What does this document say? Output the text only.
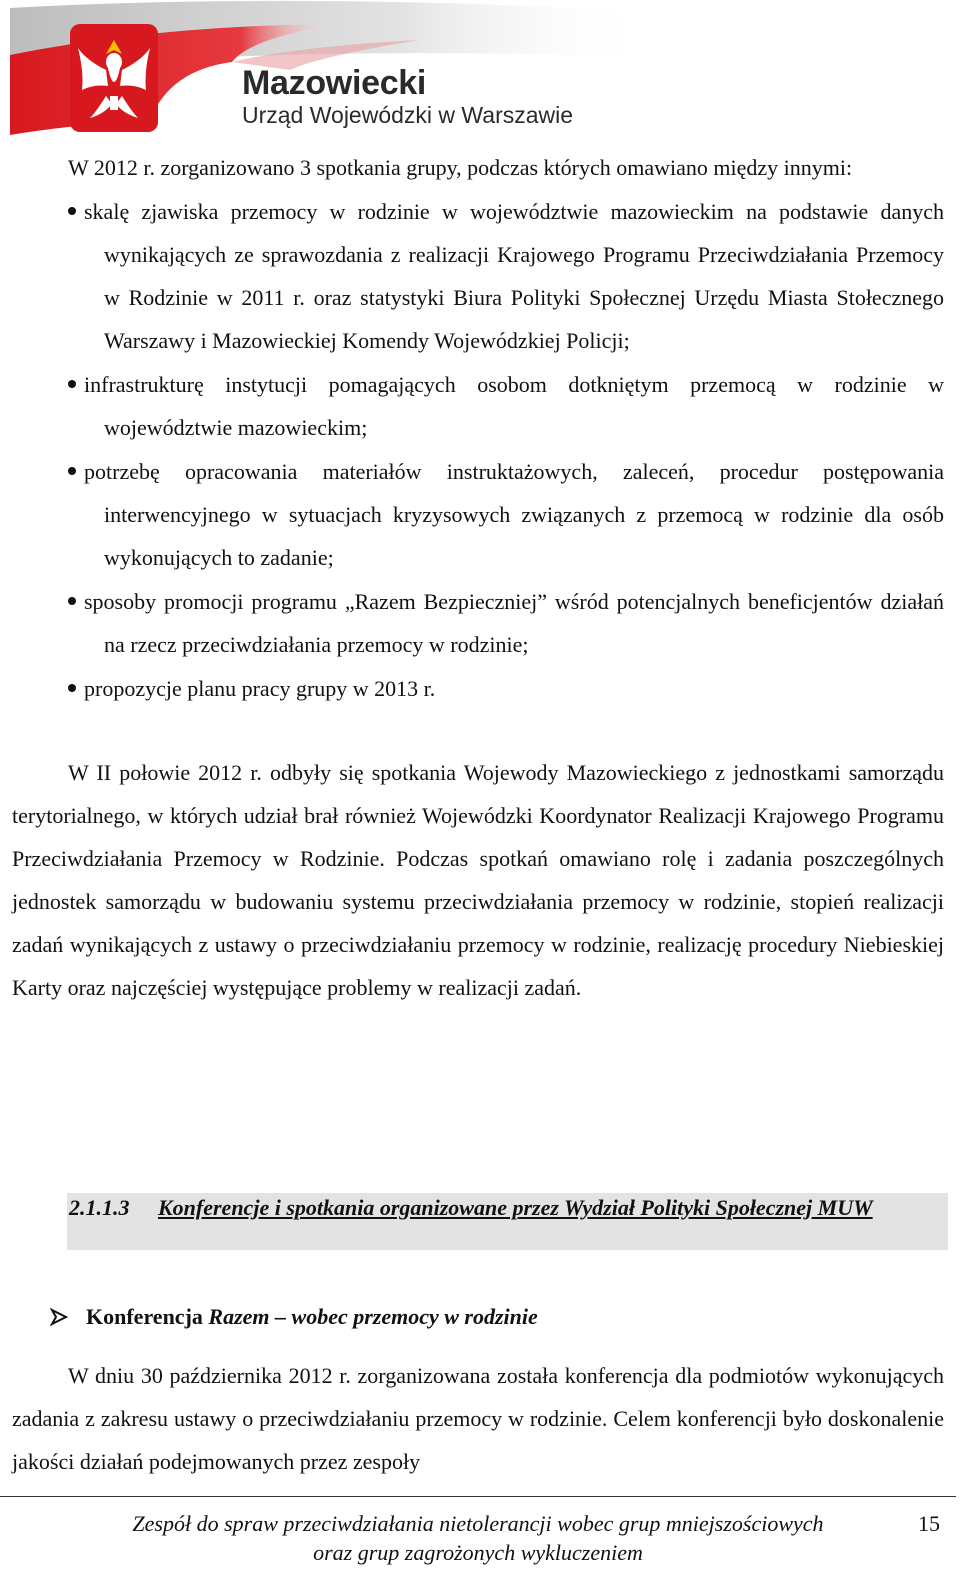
Mazowiecki
Urząd Wojewódzki w Warszawie

W 2012 r. zorganizowano 3 spotkania grupy, podczas których omawiano między innymi:

skalę zjawiska przemocy w rodzinie w województwie mazowieckim na podstawie danych wynikających ze sprawozdania z realizacji Krajowego Programu Przeciwdziałania Przemocy w Rodzinie w 2011 r. oraz statystyki Biura Polityki Społecznej Urzędu Miasta Stołecznego Warszawy i Mazowieckiej Komendy Wojewódzkiej Policji;

infrastrukturę instytucji pomagających osobom dotkniętym przemocą w rodzinie w województwie mazowieckim;

potrzebę opracowania materiałów instruktażowych, zaleceń, procedur postępowania interwencyjnego w sytuacjach kryzysowych związanych z przemocą w rodzinie dla osób wykonujących to zadanie;

sposoby promocji programu „Razem Bezpieczniej” wśród potencjalnych beneficjentów działań na rzecz przeciwdziałania przemocy w rodzinie;

propozycje planu pracy grupy w 2013 r.

W II połowie 2012 r. odbyły się spotkania Wojewody Mazowieckiego z jednostkami samorządu terytorialnego, w których udział brał również Wojewódzki Koordynator Realizacji Krajowego Programu Przeciwdziałania Przemocy w Rodzinie. Podczas spotkań omawiano rolę i zadania poszczególnych jednostek samorządu w budowaniu systemu przeciwdziałania przemocy w rodzinie, stopień realizacji zadań wynikających z ustawy o przeciwdziałaniu przemocy w rodzinie, realizację procedury Niebieskiej Karty oraz najczęściej występujące problemy w realizacji zadań.

2.1.1.3 Konferencje i spotkania organizowane przez Wydział Polityki Społecznej MUW
Konferencja Razem – wobec przemocy w rodzinie

W dniu 30 października 2012 r. zorganizowana została konferencja dla podmiotów wykonujących zadania z zakresu ustawy o przeciwdziałaniu przemocy w rodzinie. Celem konferencji było doskonalenie jakości działań podejmowanych przez zespoły

Zespół do spraw przeciwdziałania nietolerancji wobec grup mniejszościowych
oraz grup zagrożonych wykluczeniem
15
